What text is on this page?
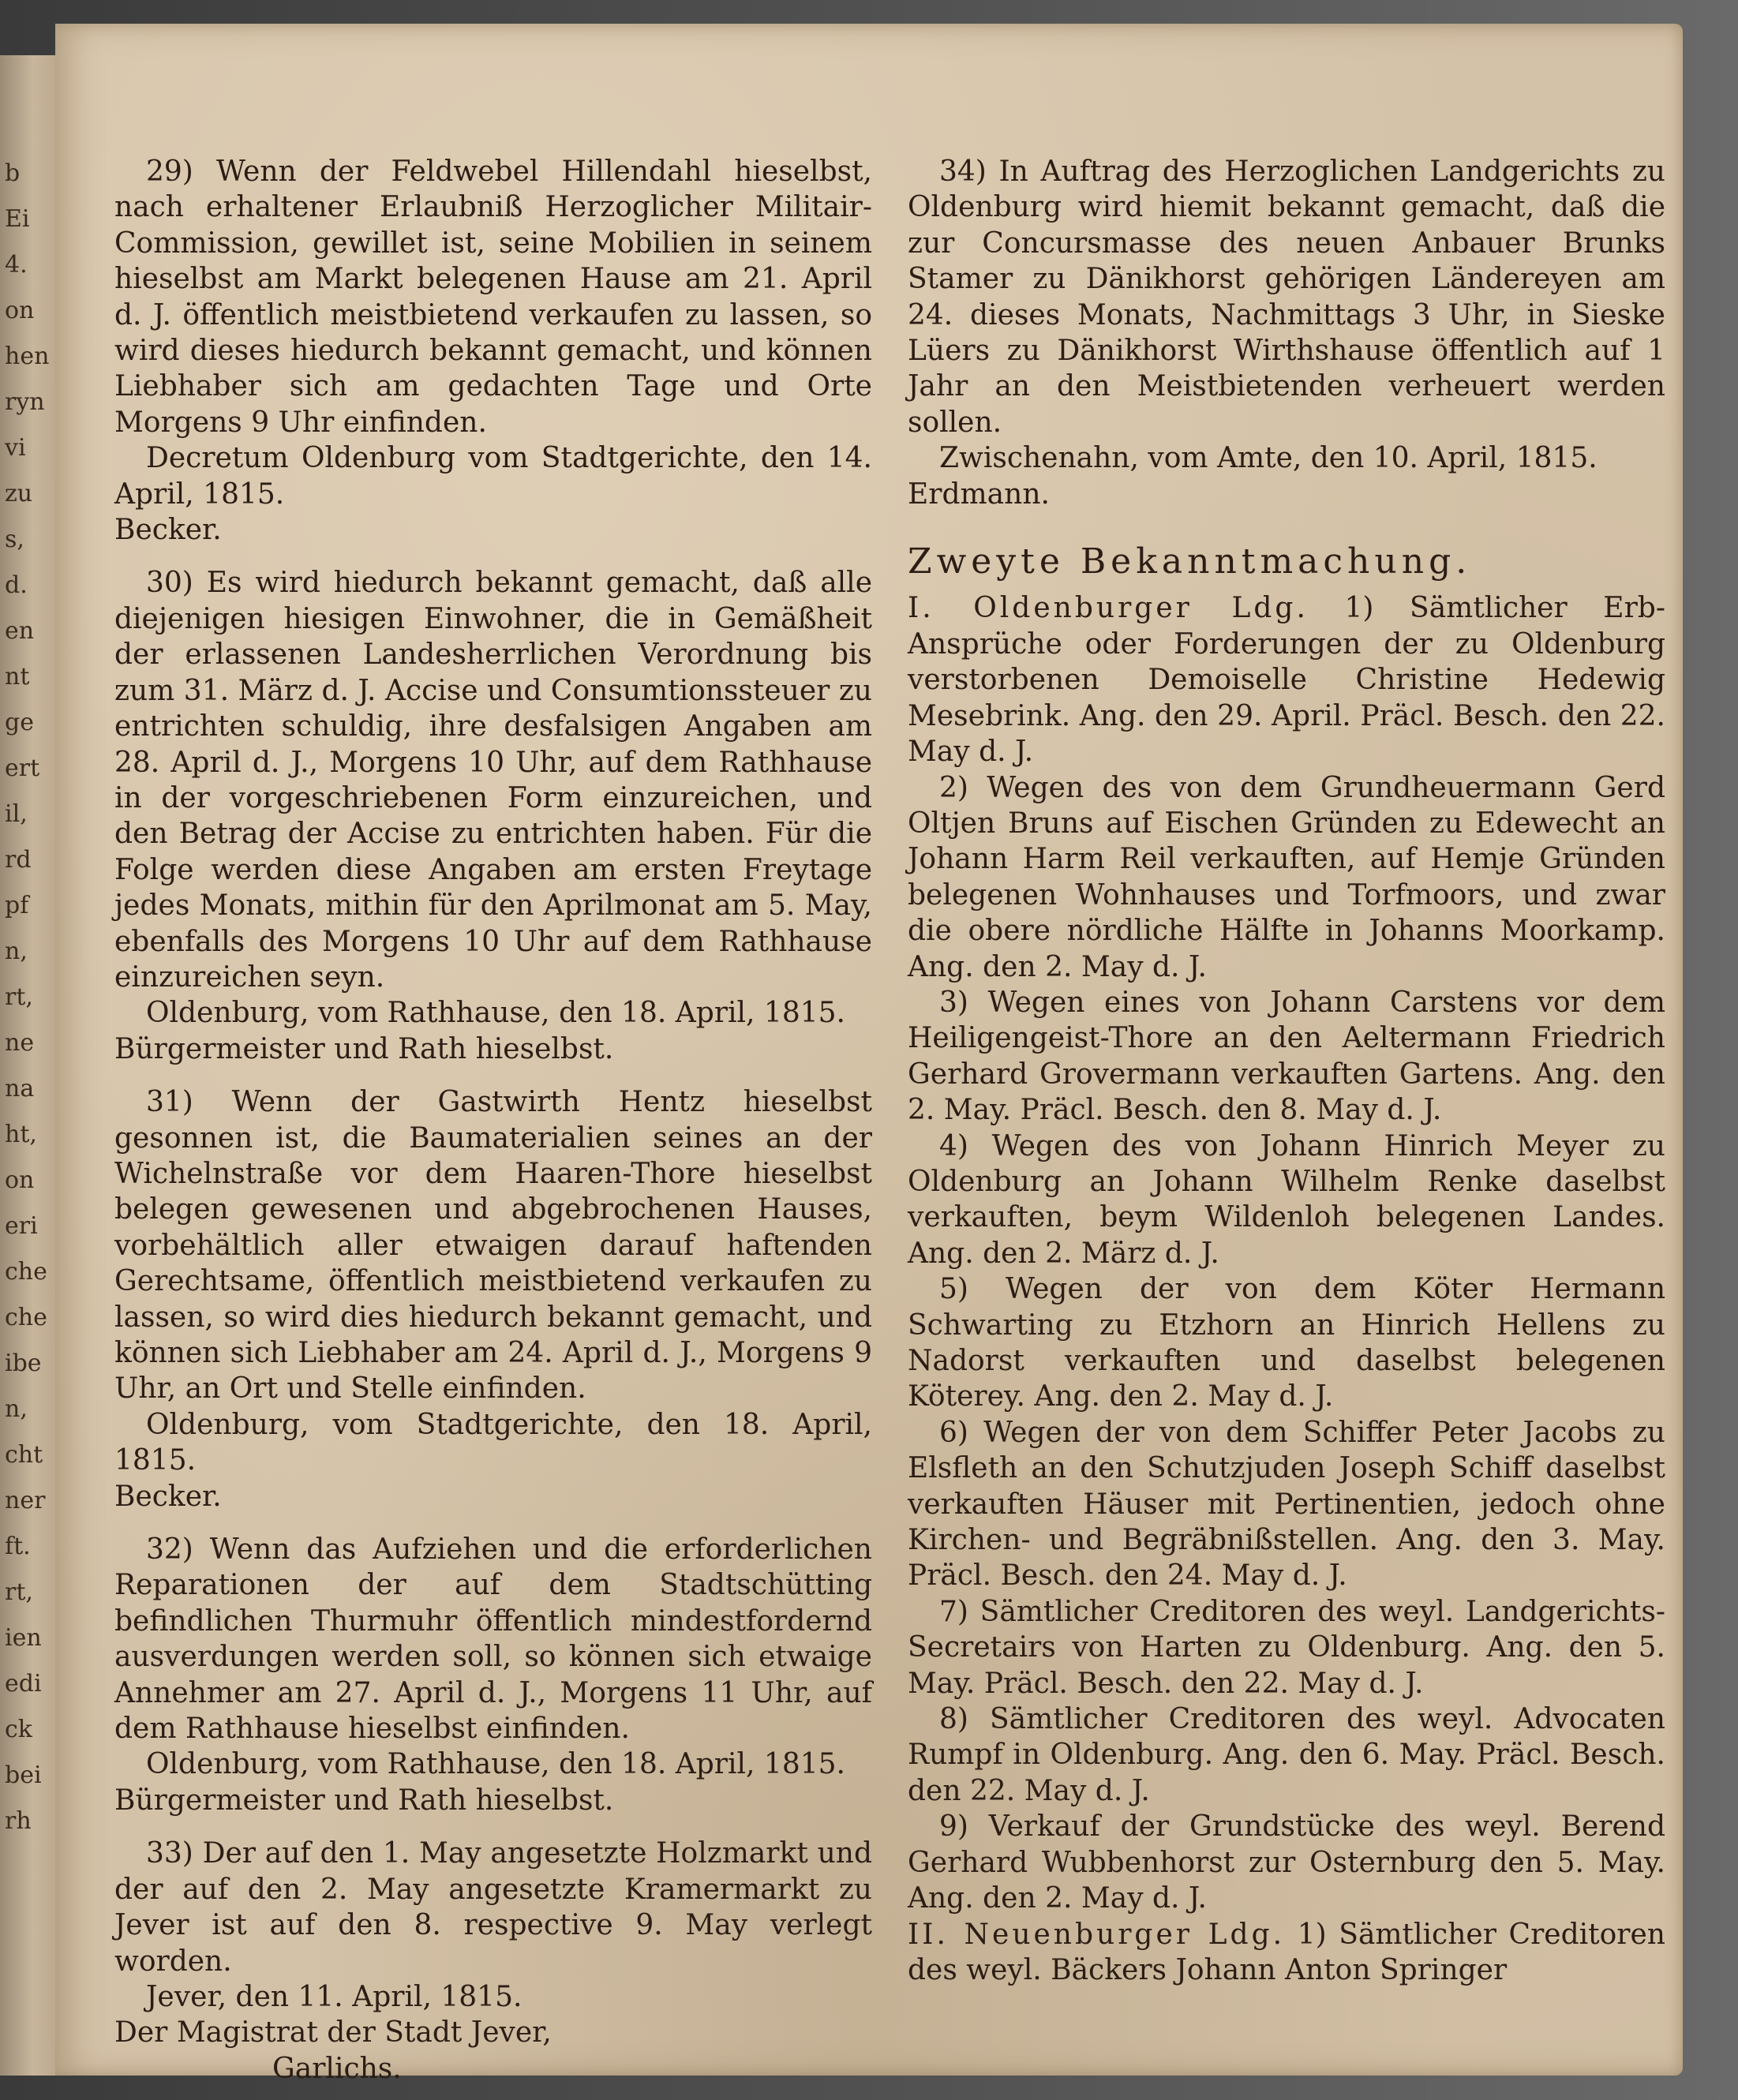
b
Ei
4.
on
hen
ryn
vi
zu
s,
d.
en
nt
ge
ert
il,
rd
pf
n,
rt,
ne
na
ht,
on
eri
che
che
ibe
n,
cht
ner
ft.
rt,
ien
edi
ck
bei
rh

29) Wenn der Feldwebel Hillendahl hieselbst, nach erhaltener Erlaubniß Herzoglicher Militair-Commission, gewillet ist, seine Mobilien in seinem hieselbst am Markt belegenen Hause am 21. April d. J. öffentlich meistbietend verkaufen zu lassen, so wird dieses hiedurch bekannt gemacht, und können Liebhaber sich am gedachten Tage und Orte Morgens 9 Uhr einfinden.

Decretum Oldenburg vom Stadtgerichte, den 14. April, 1815.

Becker.

30) Es wird hiedurch bekannt gemacht, daß alle diejenigen hiesigen Einwohner, die in Gemäßheit der erlassenen Landesherrlichen Verordnung bis zum 31. März d. J. Accise und Consumtionssteuer zu entrichten schuldig, ihre desfalsigen Angaben am 28. April d. J., Morgens 10 Uhr, auf dem Rathhause in der vorgeschriebenen Form einzureichen, und den Betrag der Accise zu entrichten haben. Für die Folge werden diese Angaben am ersten Freytage jedes Monats, mithin für den Aprilmonat am 5. May, ebenfalls des Morgens 10 Uhr auf dem Rathhause einzureichen seyn.

Oldenburg, vom Rathhause, den 18. April, 1815.

Bürgermeister und Rath hieselbst.

31) Wenn der Gastwirth Hentz hieselbst gesonnen ist, die Baumaterialien seines an der Wichelnstraße vor dem Haaren-Thore hieselbst belegen gewesenen und abgebrochenen Hauses, vorbehältlich aller etwaigen darauf haftenden Gerechtsame, öffentlich meistbietend verkaufen zu lassen, so wird dies hiedurch bekannt gemacht, und können sich Liebhaber am 24. April d. J., Morgens 9 Uhr, an Ort und Stelle einfinden.

Oldenburg, vom Stadtgerichte, den 18. April, 1815.

Becker.

32) Wenn das Aufziehen und die erforderlichen Reparationen der auf dem Stadtschütting befindlichen Thurmuhr öffentlich mindestfordernd ausverdungen werden soll, so können sich etwaige Annehmer am 27. April d. J., Morgens 11 Uhr, auf dem Rathhause hieselbst einfinden.

Oldenburg, vom Rathhause, den 18. April, 1815.

Bürgermeister und Rath hieselbst.

33) Der auf den 1. May angesetzte Holzmarkt und der auf den 2. May angesetzte Kramermarkt zu Jever ist auf den 8. respective 9. May verlegt worden.

Jever, den 11. April, 1815.

Der Magistrat der Stadt Jever,

Garlichs.

34) In Auftrag des Herzoglichen Landgerichts zu Oldenburg wird hiemit bekannt gemacht, daß die zur Concursmasse des neuen Anbauer Brunks Stamer zu Dänikhorst gehörigen Ländereyen am 24. dieses Monats, Nachmittags 3 Uhr, in Sieske Lüers zu Dänikhorst Wirthshause öffentlich auf 1 Jahr an den Meistbietenden verheuert werden sollen.

Zwischenahn, vom Amte, den 10. April, 1815.

Erdmann.

Zweyte Bekanntmachung.

I. Oldenburger Ldg. 1) Sämtlicher Erb-Ansprüche oder Forderungen der zu Oldenburg verstorbenen Demoiselle Christine Hedewig Mesebrink. Ang. den 29. April. Präcl. Besch. den 22. May d. J.

2) Wegen des von dem Grundheuermann Gerd Oltjen Bruns auf Eischen Gründen zu Edewecht an Johann Harm Reil verkauften, auf Hemje Gründen belegenen Wohnhauses und Torfmoors, und zwar die obere nördliche Hälfte in Johanns Moorkamp. Ang. den 2. May d. J.

3) Wegen eines von Johann Carstens vor dem Heiligengeist-Thore an den Aeltermann Friedrich Gerhard Grovermann verkauften Gartens. Ang. den 2. May. Präcl. Besch. den 8. May d. J.

4) Wegen des von Johann Hinrich Meyer zu Oldenburg an Johann Wilhelm Renke daselbst verkauften, beym Wildenloh belegenen Landes. Ang. den 2. März d. J.

5) Wegen der von dem Köter Hermann Schwarting zu Etzhorn an Hinrich Hellens zu Nadorst verkauften und daselbst belegenen Köterey. Ang. den 2. May d. J.

6) Wegen der von dem Schiffer Peter Jacobs zu Elsfleth an den Schutzjuden Joseph Schiff daselbst verkauften Häuser mit Pertinentien, jedoch ohne Kirchen- und Begräbnißstellen. Ang. den 3. May. Präcl. Besch. den 24. May d. J.

7) Sämtlicher Creditoren des weyl. Landgerichts-Secretairs von Harten zu Oldenburg. Ang. den 5. May. Präcl. Besch. den 22. May d. J.

8) Sämtlicher Creditoren des weyl. Advocaten Rumpf in Oldenburg. Ang. den 6. May. Präcl. Besch. den 22. May d. J.

9) Verkauf der Grundstücke des weyl. Berend Gerhard Wubbenhorst zur Osternburg den 5. May. Ang. den 2. May d. J.

II. Neuenburger Ldg. 1) Sämtlicher Creditoren des weyl. Bäckers Johann Anton Springer
